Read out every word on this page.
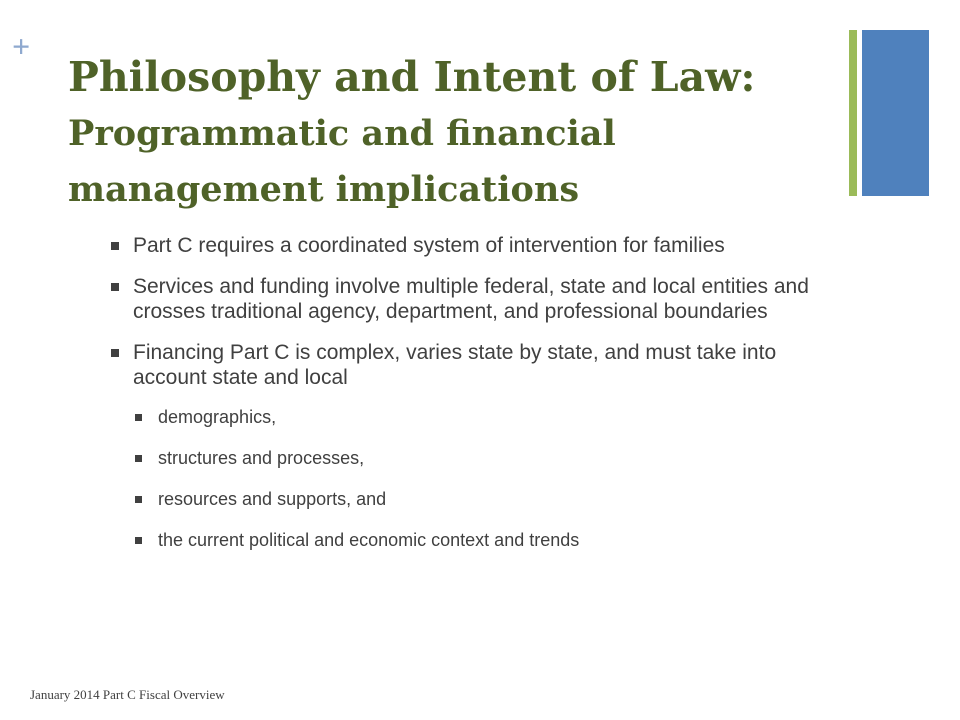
+
Philosophy and Intent of Law:
Programmatic and financial management implications
Part C requires a coordinated system of intervention for families
Services and funding involve multiple federal, state and local entities and crosses traditional agency, department, and professional boundaries
Financing Part C is complex, varies state by state, and must take into account state and local
demographics,
structures and processes,
resources and supports, and
the current political and economic context and trends
January 2014 Part C Fiscal Overview
